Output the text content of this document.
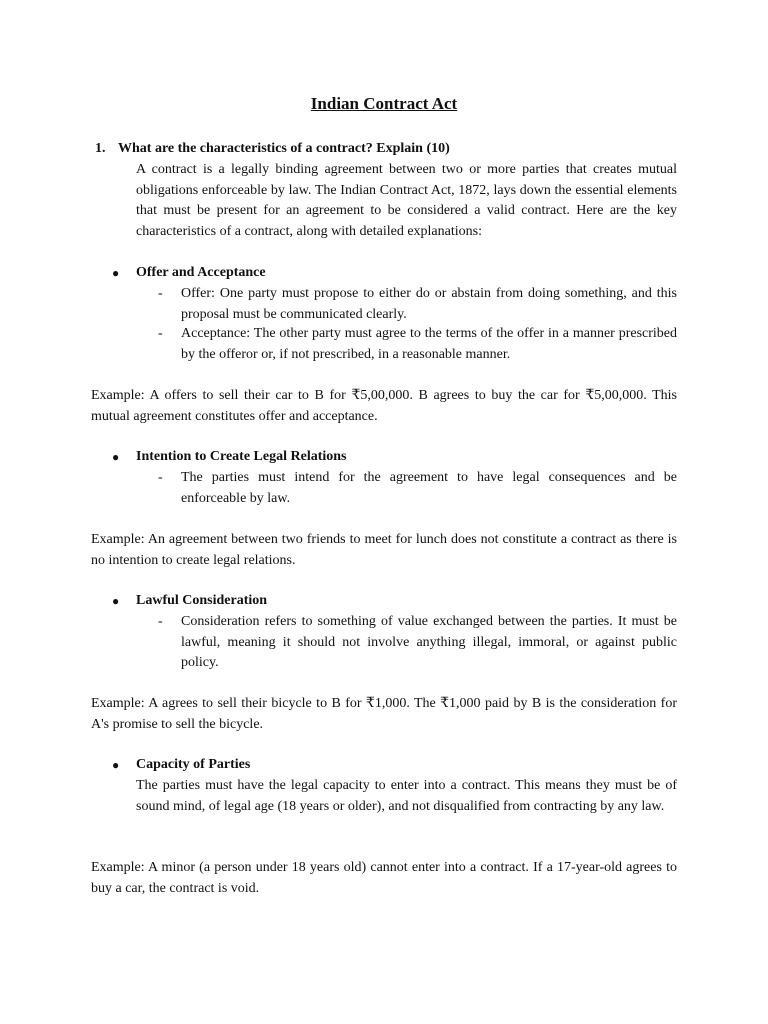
Indian Contract Act
1. What are the characteristics of a contract? Explain (10)
A contract is a legally binding agreement between two or more parties that creates mutual obligations enforceable by law. The Indian Contract Act, 1872, lays down the essential elements that must be present for an agreement to be considered a valid contract. Here are the key characteristics of a contract, along with detailed explanations:
● Offer and Acceptance
- Offer: One party must propose to either do or abstain from doing something, and this proposal must be communicated clearly.
- Acceptance: The other party must agree to the terms of the offer in a manner prescribed by the offeror or, if not prescribed, in a reasonable manner.
Example: A offers to sell their car to B for ₹5,00,000. B agrees to buy the car for ₹5,00,000. This mutual agreement constitutes offer and acceptance.
● Intention to Create Legal Relations
- The parties must intend for the agreement to have legal consequences and be enforceable by law.
Example: An agreement between two friends to meet for lunch does not constitute a contract as there is no intention to create legal relations.
● Lawful Consideration
- Consideration refers to something of value exchanged between the parties. It must be lawful, meaning it should not involve anything illegal, immoral, or against public policy.
Example: A agrees to sell their bicycle to B for ₹1,000. The ₹1,000 paid by B is the consideration for A's promise to sell the bicycle.
● Capacity of Parties
The parties must have the legal capacity to enter into a contract. This means they must be of sound mind, of legal age (18 years or older), and not disqualified from contracting by any law.
Example: A minor (a person under 18 years old) cannot enter into a contract. If a 17-year-old agrees to buy a car, the contract is void.
